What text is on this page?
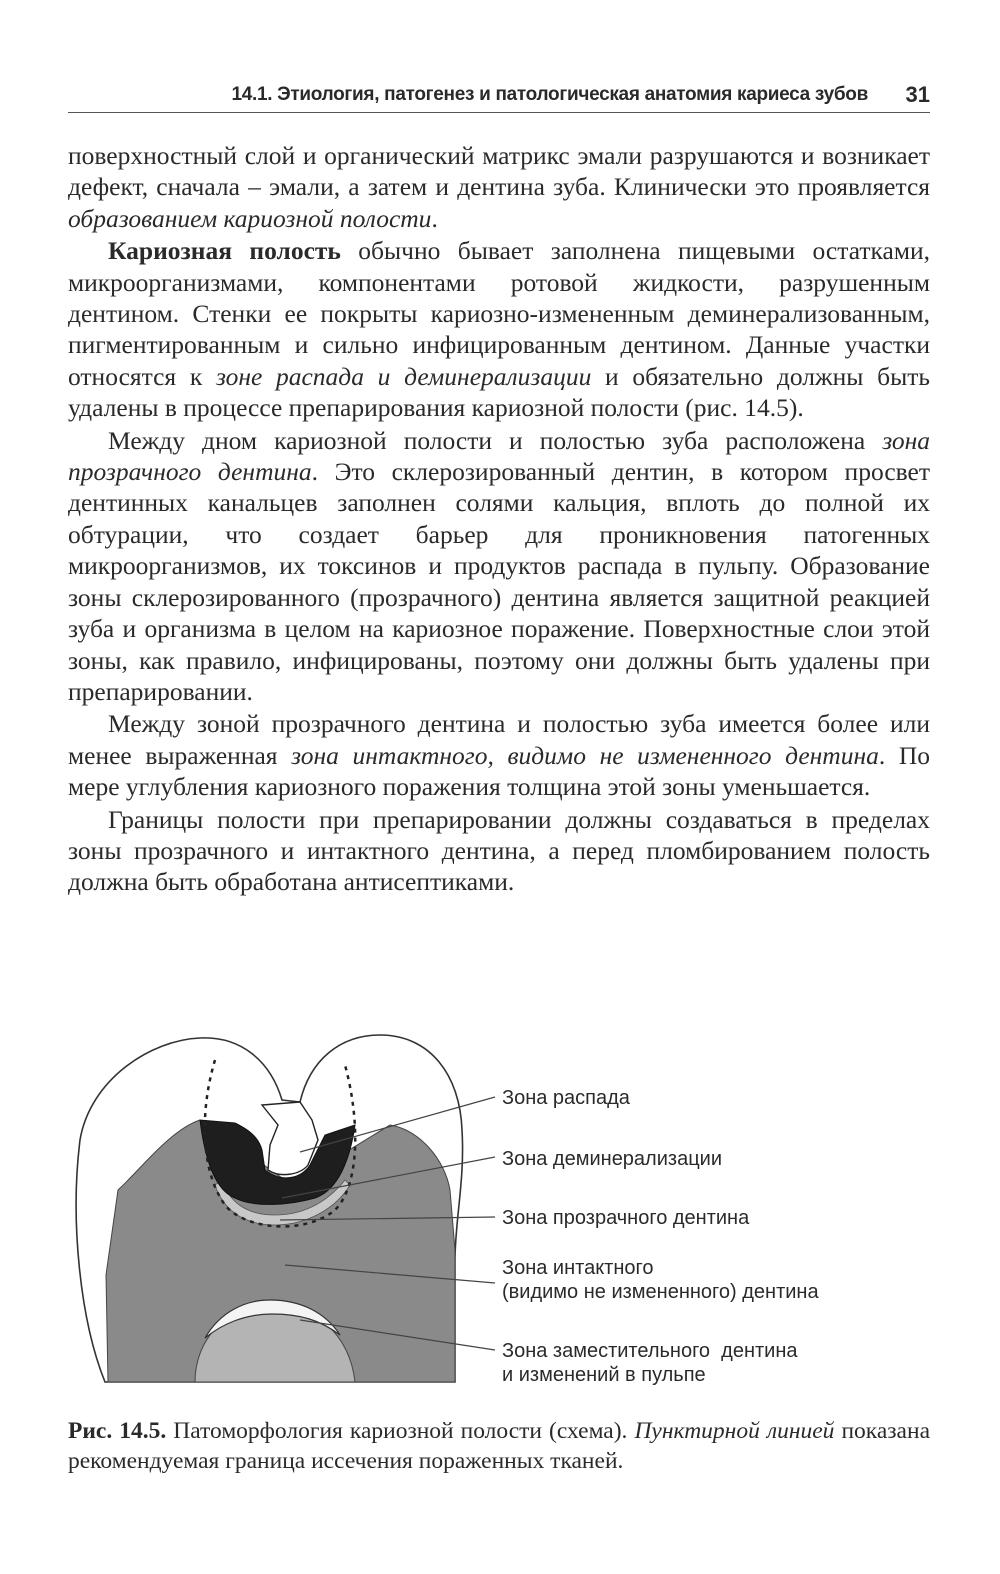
14.1. Этиология, патогенез и патологическая анатомия кариеса зубов 31

поверхностный слой и органический матрикс эмали разрушаются и возникает дефект, сначала – эмали, а затем и дентина зуба. Клинически это проявляется образованием кариозной полости.

Кариозная полость обычно бывает заполнена пищевыми остатками, микроорганизмами, компонентами ротовой жидкости, разрушенным дентином. Стенки ее покрыты кариозно-измененным деминерализованным, пигментированным и сильно инфицированным дентином. Данные участки относятся к зоне распада и деминерализации и обязательно должны быть удалены в процессе препарирования кариозной полости (рис. 14.5).

Между дном кариозной полости и полостью зуба расположена зона прозрачного дентина. Это склерозированный дентин, в котором просвет дентинных канальцев заполнен солями кальция, вплоть до полной их обтурации, что создает барьер для проникновения патогенных микроорганизмов, их токсинов и продуктов распада в пульпу. Образование зоны склерозированного (прозрачного) дентина является защитной реакцией зуба и организма в целом на кариозное поражение. Поверхностные слои этой зоны, как правило, инфицированы, поэтому они должны быть удалены при препарировании.

Между зоной прозрачного дентина и полостью зуба имеется более или менее выраженная зона интактного, видимо не измененного дентина. По мере углубления кариозного поражения толщина этой зоны уменьшается.

Границы полости при препарировании должны создаваться в пределах зоны прозрачного и интактного дентина, а перед пломбированием полость должна быть обработана антисептиками.

Зона распада
Зона деминерализации
Зона прозрачного дентина
Зона интактного
(видимо не измененного) дентина
Зона заместительного  дентина
и изменений в пульпе
Рис. 14.5. Патоморфология кариозной полости (схема). Пунктирной линией показана рекомендуемая граница иссечения пораженных тканей.
